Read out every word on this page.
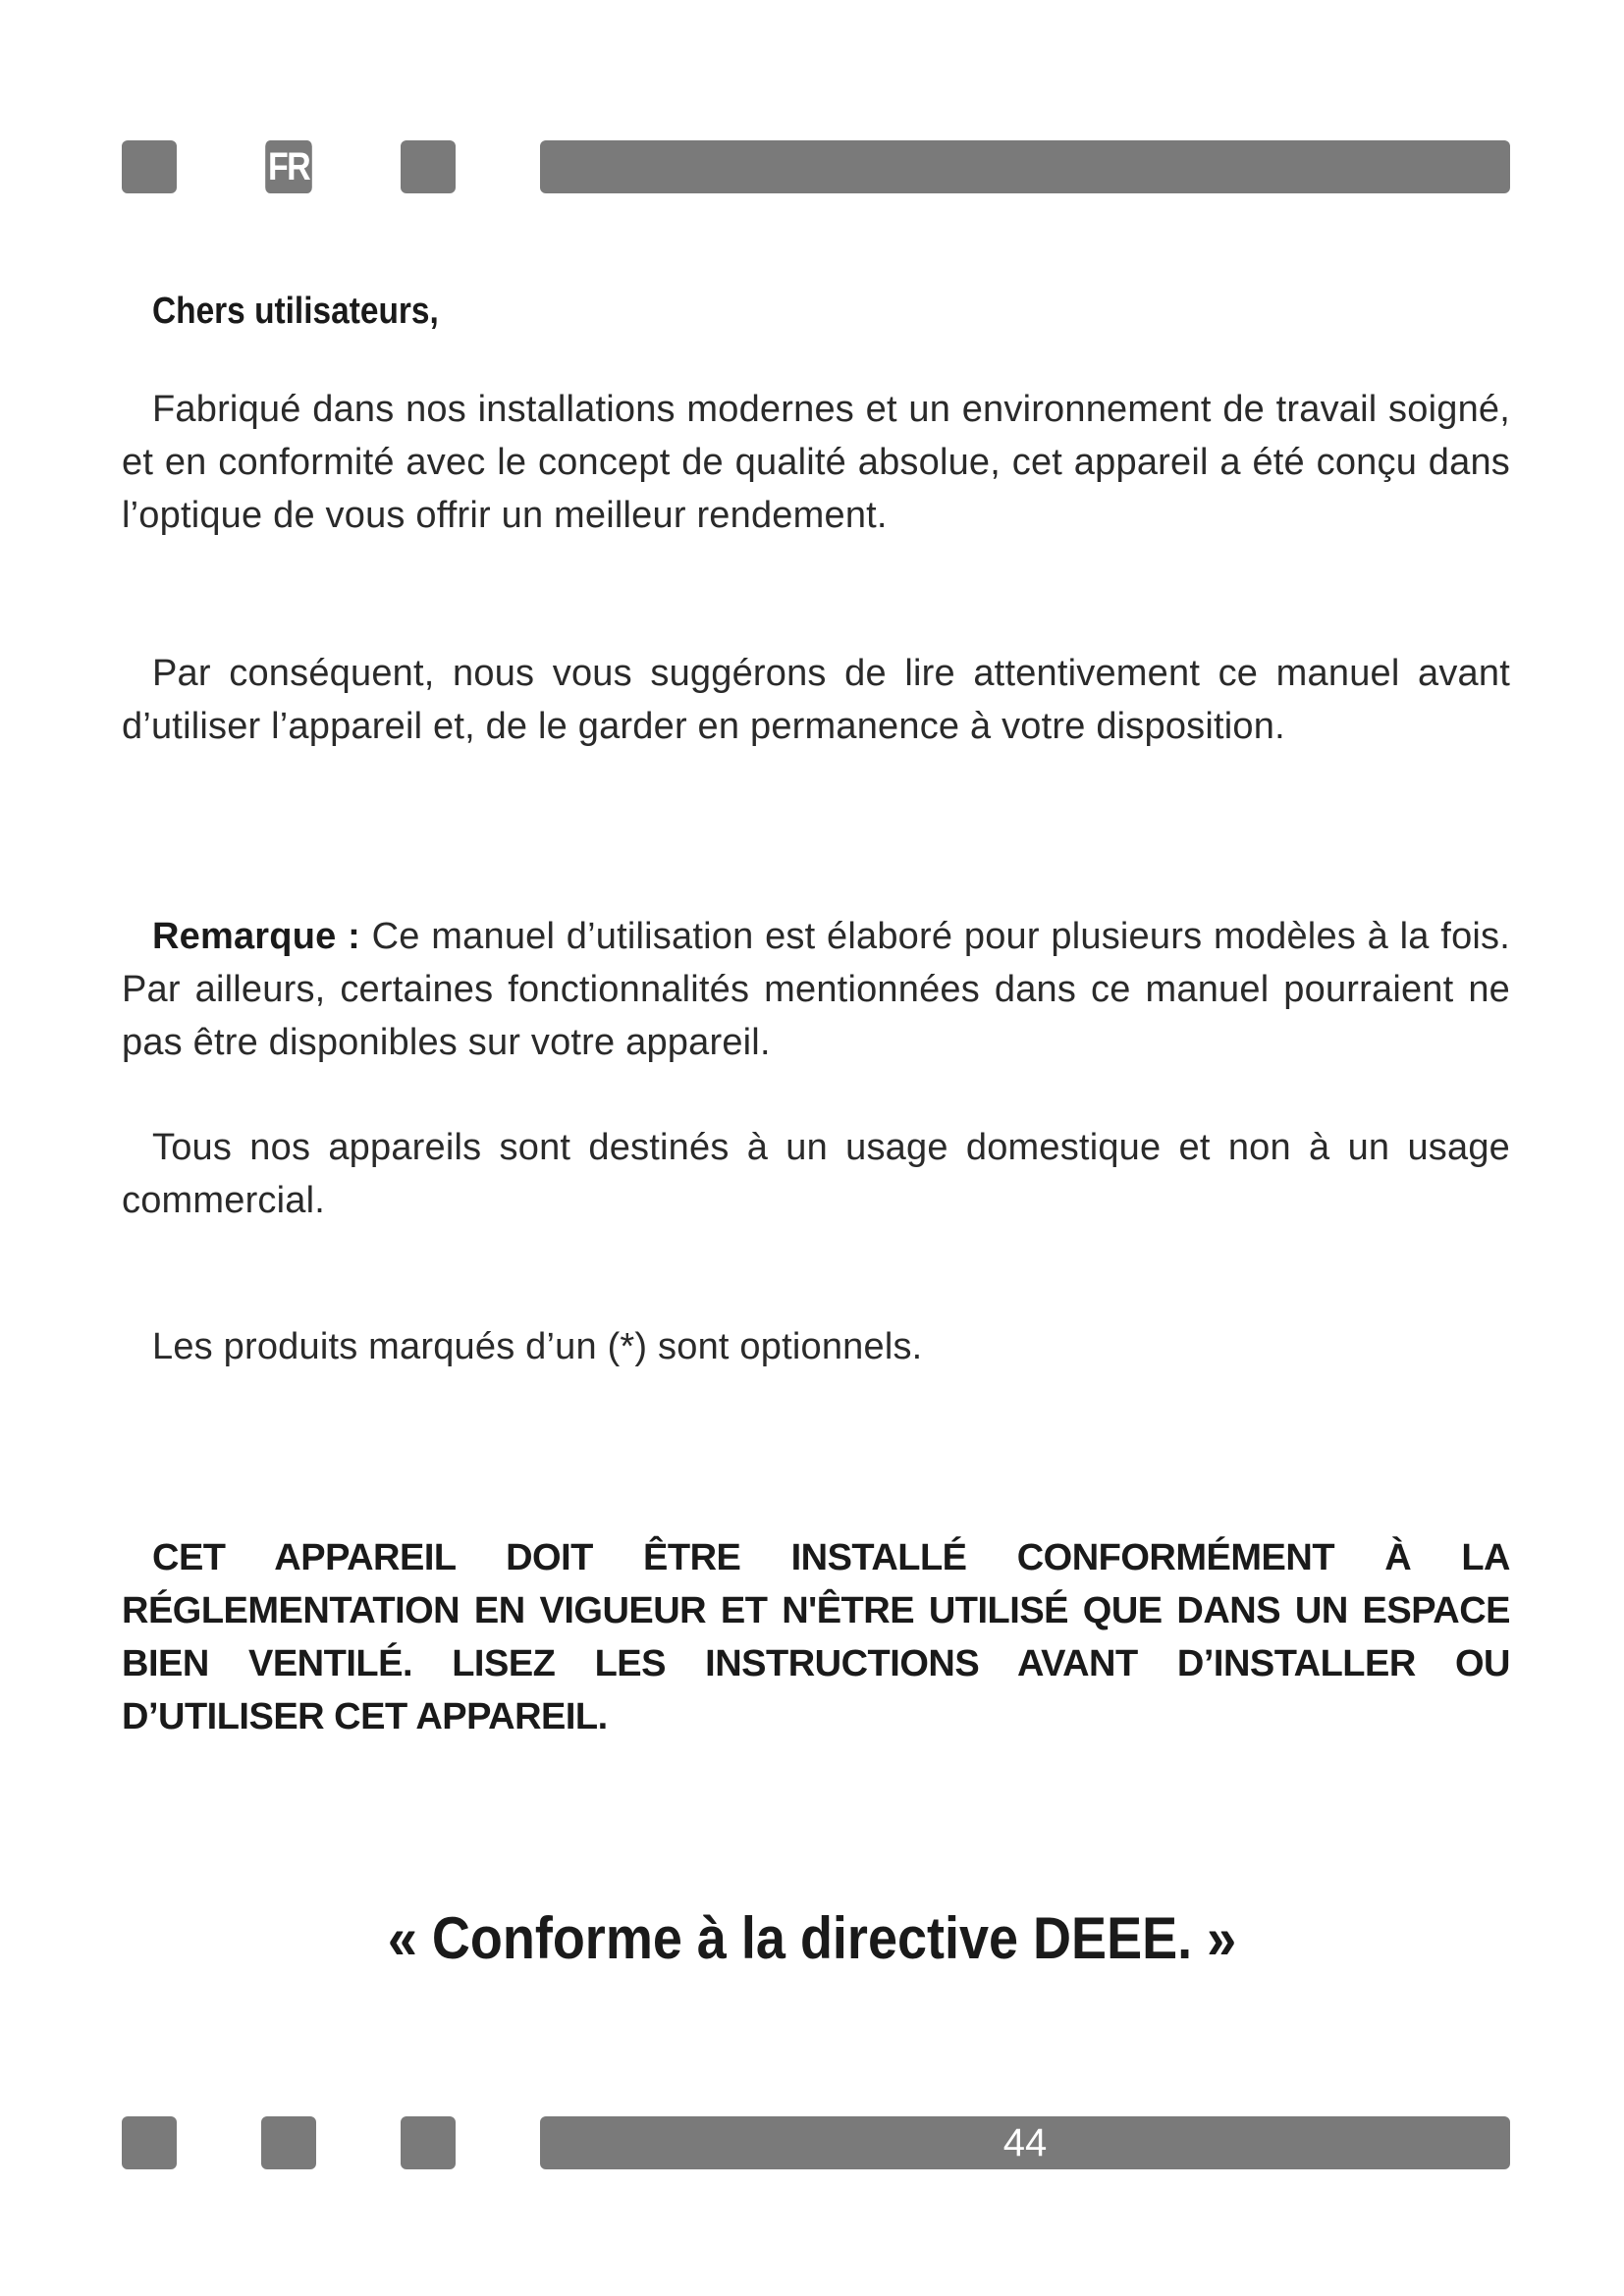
FR
Chers utilisateurs,

Fabriqué dans nos installations modernes et un environnement de travail soigné, et en conformité avec le concept de qualité absolue, cet appareil a été conçu dans l’optique de vous offrir un meilleur rendement.

Par conséquent, nous vous suggérons de lire attentivement ce manuel avant d’utiliser l’appareil et, de le garder en permanence à votre disposition.

Remarque : Ce manuel d’utilisation est élaboré pour plusieurs modèles à la fois. Par ailleurs, certaines fonctionnalités mentionnées dans ce manuel pourraient ne pas être disponibles sur votre appareil.

Tous nos appareils sont destinés à un usage domestique et non à un usage commercial.

Les produits marqués d’un (*) sont optionnels.

CET APPAREIL DOIT ÊTRE INSTALLÉ CONFORMÉMENT À LA RÉGLEMENTATION EN VIGUEUR ET N'ÊTRE UTILISÉ QUE DANS UN ESPACE BIEN VENTILÉ. LISEZ LES INSTRUCTIONS AVANT D’INSTALLER OU D’UTILISER CET APPAREIL.

« Conforme à la directive DEEE. »
44
